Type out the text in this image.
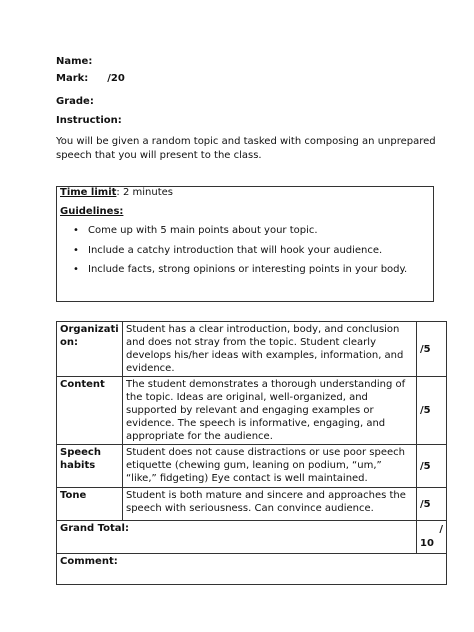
Name:
Mark: /20
Grade:
Instruction:
You will be given a random topic and tasked with composing an unprepared speech that you will present to the class.
Time limit: 2 minutes
Guidelines:
• Come up with 5 main points about your topic.
• Include a catchy introduction that will hook your audience.
• Include facts, strong opinions or interesting points in your body.
Organization:	Student has a clear introduction, body, and conclusion and does not stray from the topic. Student clearly develops his/her ideas with examples, information, and evidence.	/5
Content	The student demonstrates a thorough understanding of the topic. Ideas are original, well-organized, and supported by relevant and engaging examples or evidence. The speech is informative, engaging, and appropriate for the audience.	/5
Speech habits	Student does not cause distractions or use poor speech etiquette (chewing gum, leaning on podium, “um,” “like,” fidgeting) Eye contact is well maintained.	/5
Tone	Student is both mature and sincere and approaches the speech with seriousness. Can convince audience.	/5
Grand Total:		/
10

Comment:		
